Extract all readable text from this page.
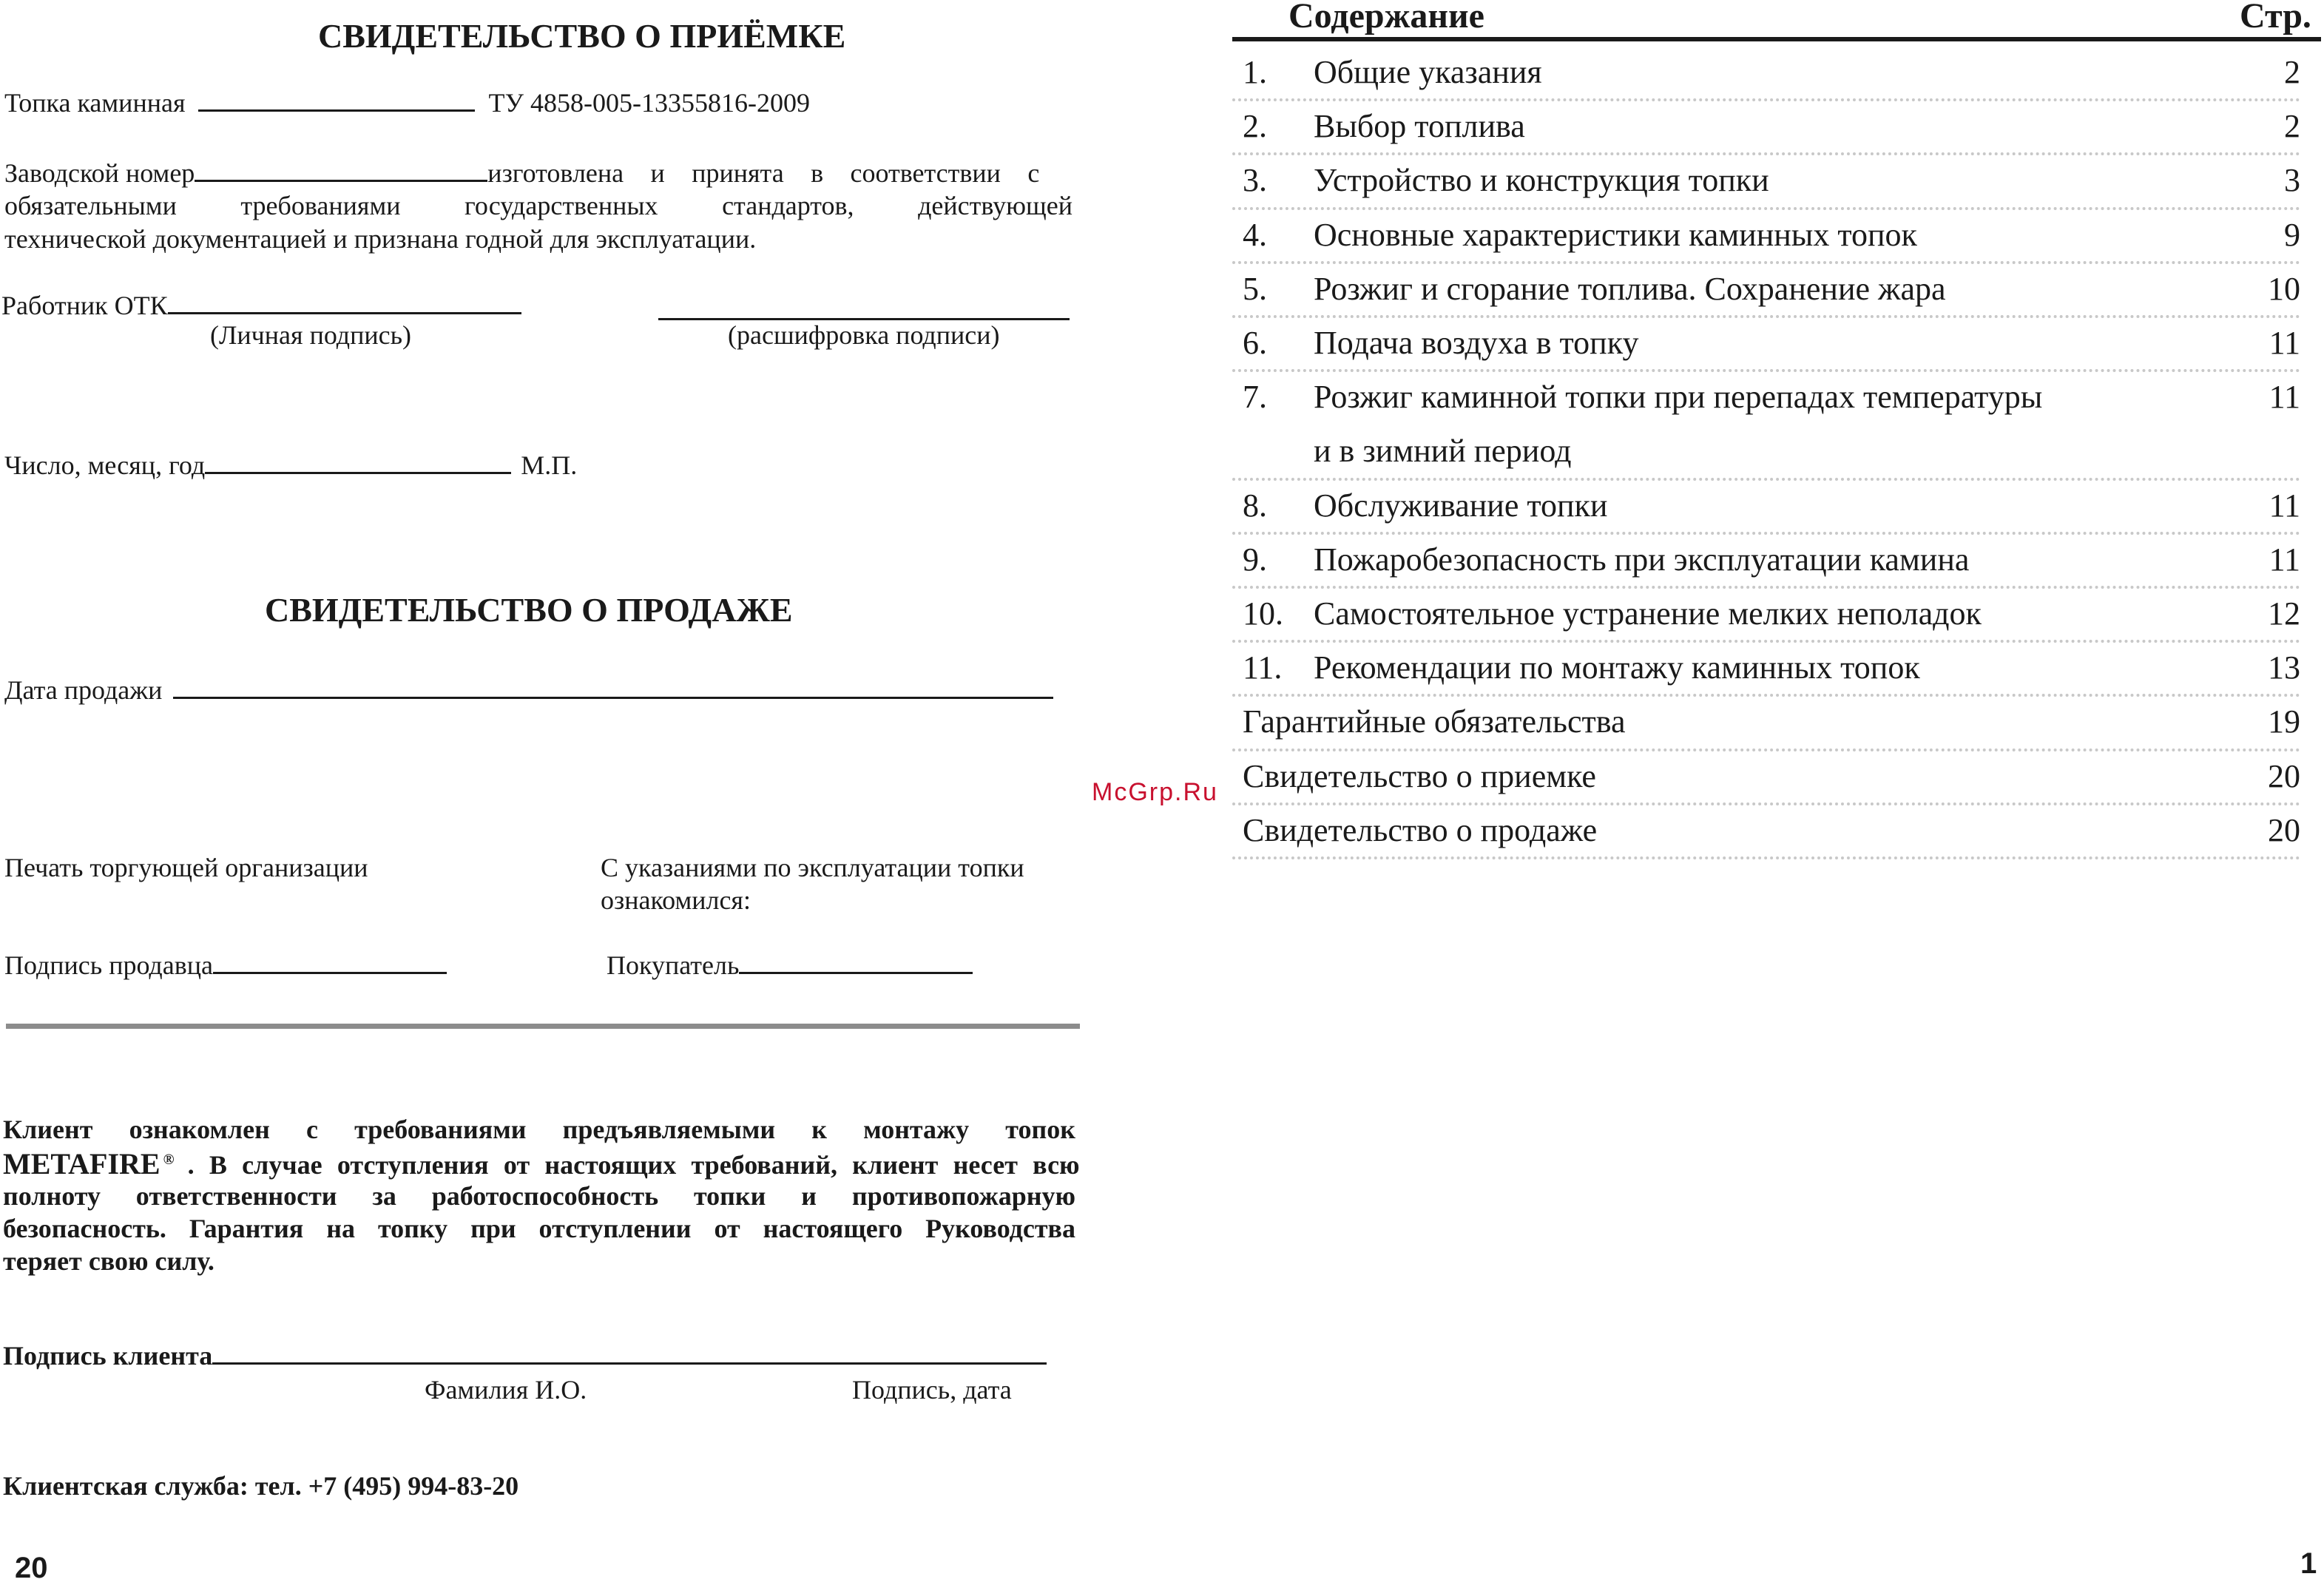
СВИДЕТЕЛЬСТВО О ПРИЁМКЕ
Топка каминная	ТУ 4858-005-13355816-2009
Заводской номер	изготовлена и принята в соответствии с
обязательными требованиями государственных стандартов, действующей
технической документацией и признана годной для эксплуатации.
Работник ОТК
(Личная подпись)	(расшифровка подписи)
Число, месяц, год	М.П.
СВИДЕТЕЛЬСТВО О ПРОДАЖЕ
Дата продажи
Печать торгующей организации	С указаниями по эксплуатации топки
ознакомился:
Подпись продавца	Покупатель
Клиент ознакомлен с требованиями предъявляемыми к монтажу топок
METAFIRE ® . В случае отступления от настоящих требований, клиент несет всю
полноту ответственности за работоспособность топки и противопожарную
безопасность. Гарантия на топку при отступлении от настоящего Руководства
теряет свою силу.
Подпись клиента
Фамилия И.О.	Подпись, дата
Клиентская служба: тел. +7 (495) 994-83-20
20
McGrp.Ru
Содержание	Стр.
1. Общие указания	2
2. Выбор топлива	2
3. Устройство и конструкция топки	3
4. Основные характеристики каминных топок	9
5. Розжиг и сгорание топлива. Сохранение жара	10
6. Подача воздуха в топку	11
7. Розжиг каминной топки при перепадах температуры	11
и в зимний период
8. Обслуживание топки	11
9. Пожаробезопасность при эксплуатации камина	11
10. Самостоятельное устранение мелких неполадок	12
11. Рекомендации по монтажу каминных топок	13
Гарантийные обязательства	19
Свидетельство о приемке	20
Свидетельство о продаже	20
1
